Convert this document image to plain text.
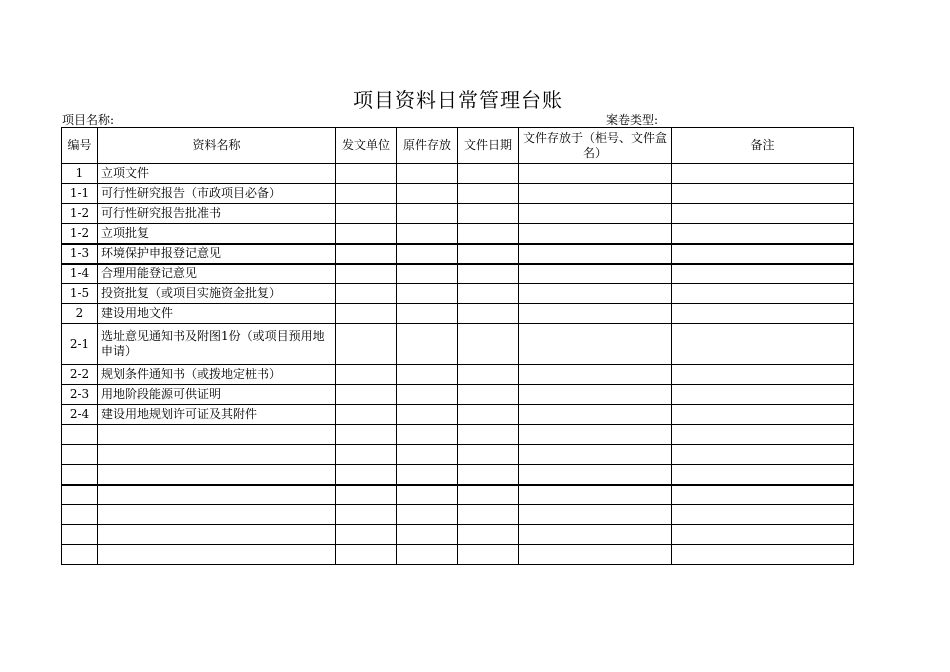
项目资料日常管理台账
项目名称:	案卷类型:
编号	资料名称	发文单位	原件存放	文件日期	文件存放于（柜号、文件盒名）	备注
1	立项文件					
1-1	可行性研究报告（市政项目必备）					
1-2	可行性研究报告批准书					
1-2	立项批复					
1-3	环境保护申报登记意见					
1-4	合理用能登记意见					
1-5	投资批复（或项目实施资金批复）					
2	建设用地文件					
2-1	选址意见通知书及附图1份（或项目预用地申请）					
2-2	规划条件通知书（或拨地定桩书）					
2-3	用地阶段能源可供证明					
2-4	建设用地规划许可证及其附件					
